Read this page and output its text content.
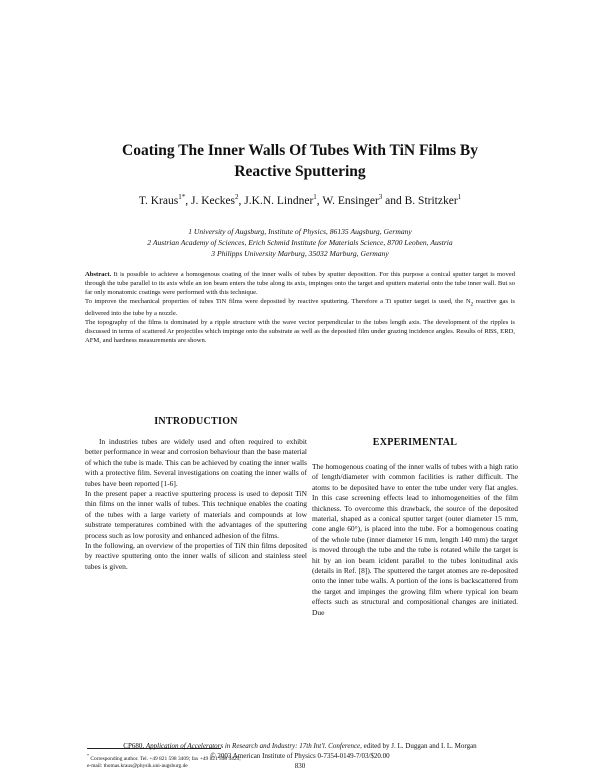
Coating The Inner Walls Of Tubes With TiN Films By
Reactive Sputtering
T. Kraus$^{1*}$, J. Keckes$^2$, J.K.N. Lindner$^1$, W. Ensinger$^3$ and B. Stritzker$^1$
1 University of Augsburg, Institute of Physics, 86135 Augsburg, Germany
2 Austrian Academy of Sciences, Erich Schmid Institute for Materials Science, 8700 Leoben, Austria
3 Philipps University Marburg, 35032 Marburg, Germany

Abstract. It is possible to achieve a homogenous coating of the inner walls of tubes by sputter deposition. For this purpose a conical sputter target is moved through the tube parallel to its axis while an ion beam enters the tube along its axis, impinges onto the target and sputters material onto the tube inner wall. But so far only monatomic coatings were performed with this technique.

To improve the mechanical properties of tubes TiN films were deposited by reactive sputtering. Therefore a Ti sputter target is used, the $N_2$ reactive gas is delivered into the tube by a nozzle.

The topography of the films is dominated by a ripple structure with the wave vector perpendicular to the tubes length axis. The development of the ripples is discussed in terms of scattered Ar projectiles which impinge onto the substrate as well as the deposited film under grazing incidence angles. Results of RBS, ERD, AFM, and hardness measurements are shown.

INTRODUCTION

In industries tubes are widely used and often required to exhibit better performance in wear and corrosion behaviour than the base material of which the tube is made. This can be achieved by coating the inner walls with a protective film. Several investigations on coating the inner walls of tubes have been reported [1-6].

In the present paper a reactive sputtering process is used to deposit TiN thin films on the inner walls of tubes. This technique enables the coating of the tubes with a large variety of materials and compounds at low substrate temperatures combined with the advantages of the sputtering process such as low porosity and enhanced adhesion of the films.

In the following, an overview of the properties of TiN thin films deposited by reactive sputtering onto the inner walls of silicon and stainless steel tubes is given.

EXPERIMENTAL

The homogenous coating of the inner walls of tubes with a high ratio of length/diameter with common facilities is rather difficult. The atoms to be deposited have to enter the tube under very flat angles. In this case screening effects lead to inhomogeneities of the film thickness. To overcome this drawback, the source of the deposited material, shaped as a conical sputter target (outer diameter 15 mm, cone angle 60°), is placed into the tube. For a homogenous coating of the whole tube (inner diameter 16 mm, length 140 mm) the target is moved through the tube and the tube is rotated while the target is hit by an ion beam icident parallel to the tubes lonitudinal axis (details in Ref. [8]). The sputtered the target atomes are re-deposited onto the inner tube walls. A portion of the ions is backscattered from the target and impinges the growing film where typical ion beam effects such as structural and compositional changes are initiated. Due

* Corresponding author. Tel. +49 821 598 3409; fax +49 821 598 3425;
e-mail: thomas.kraus@physik.uni-augsburg.de
CP680, Application of Accelerators in Research and Industry: 17th Int'l. Conference, edited by J. L. Duggan and I. L. Morgan
© 2003 American Institute of Physics 0-7354-0149-7/03/$20.00
830
